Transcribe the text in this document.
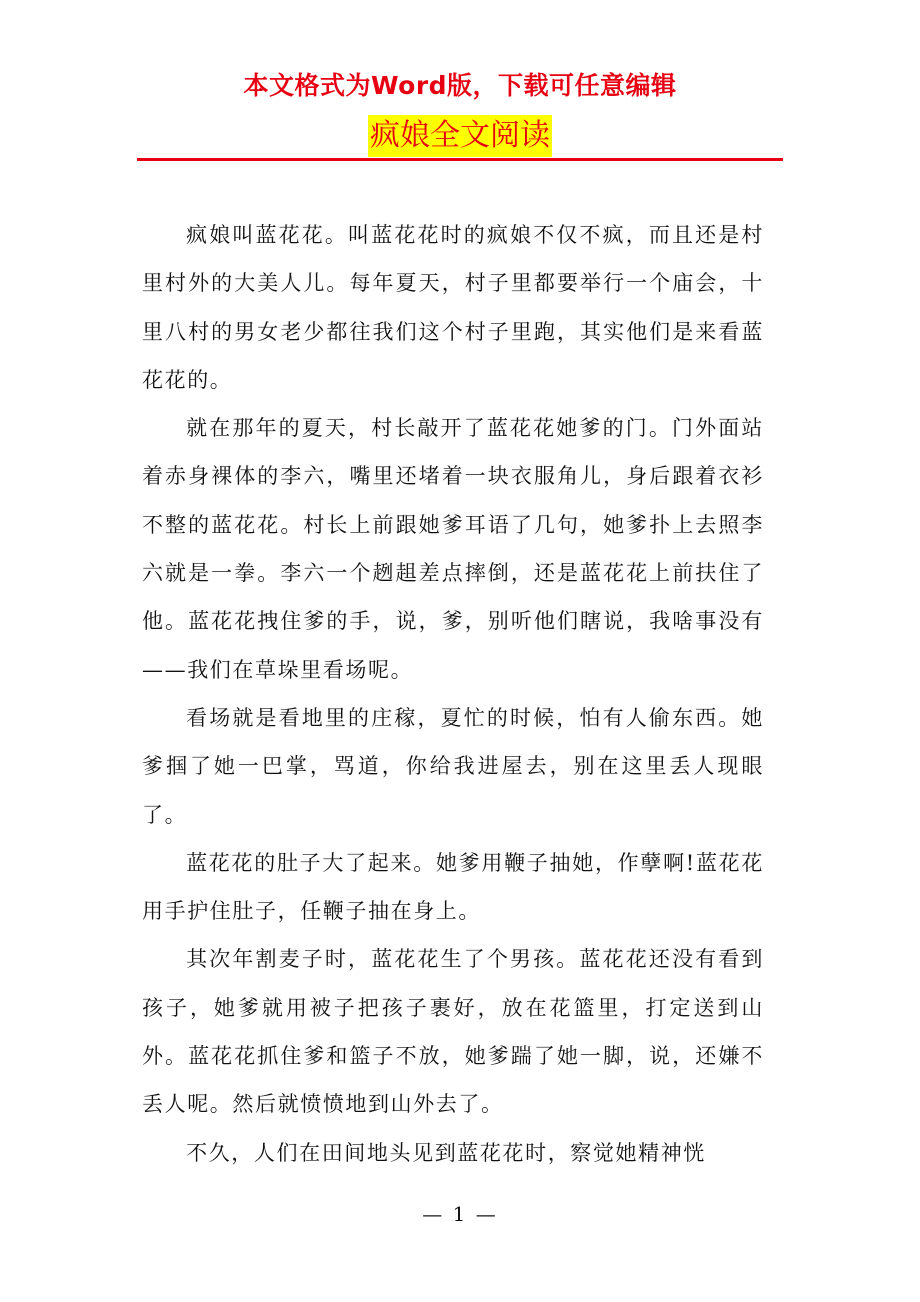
本文格式为Word版，下载可任意编辑
疯娘全文阅读

疯娘叫蓝花花。叫蓝花花时的疯娘不仅不疯，而且还是村里村外的大美人儿。每年夏天，村子里都要举行一个庙会，十里八村的男女老少都往我们这个村子里跑，其实他们是来看蓝花花的。

就在那年的夏天，村长敲开了蓝花花她爹的门。门外面站着赤身裸体的李六，嘴里还堵着一块衣服角儿，身后跟着衣衫不整的蓝花花。村长上前跟她爹耳语了几句，她爹扑上去照李六就是一拳。李六一个趔趄差点摔倒，还是蓝花花上前扶住了他。蓝花花拽住爹的手，说，爹，别听他们瞎说，我啥事没有——我们在草垛里看场呢。

看场就是看地里的庄稼，夏忙的时候，怕有人偷东西。她爹掴了她一巴掌，骂道，你给我进屋去，别在这里丢人现眼了。

蓝花花的肚子大了起来。她爹用鞭子抽她，作孽啊!蓝花花用手护住肚子，任鞭子抽在身上。

其次年割麦子时，蓝花花生了个男孩。蓝花花还没有看到孩子，她爹就用被子把孩子裹好，放在花篮里，打定送到山外。蓝花花抓住爹和篮子不放，她爹踹了她一脚，说，还嫌不丢人呢。然后就愤愤地到山外去了。

不久，人们在田间地头见到蓝花花时，察觉她精神恍

— 1 —
